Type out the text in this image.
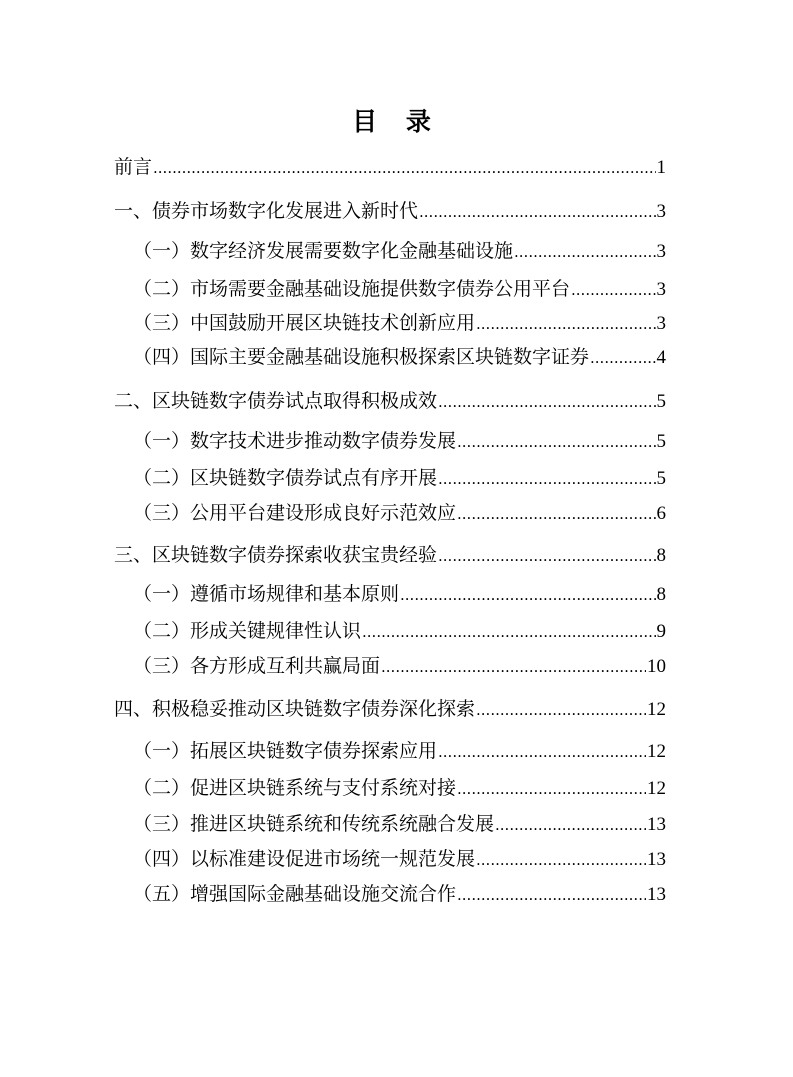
目 录
前言 .....	1
一、债券市场数字化发展进入新时代 .....	3
（一）数字经济发展需要数字化金融基础设施 .....	3
（二）市场需要金融基础设施提供数字债券公用平台 .....	3
（三）中国鼓励开展区块链技术创新应用 .....	3
（四）国际主要金融基础设施积极探索区块链数字证券 .....	4
二、区块链数字债券试点取得积极成效 .....	5
（一）数字技术进步推动数字债券发展 .....	5
（二）区块链数字债券试点有序开展 .....	5
（三）公用平台建设形成良好示范效应 .....	6
三、区块链数字债券探索收获宝贵经验 .....	8
（一）遵循市场规律和基本原则 .....	8
（二）形成关键规律性认识 .....	9
（三）各方形成互利共赢局面 .....	10
四、积极稳妥推动区块链数字债券深化探索 .....	12
（一）拓展区块链数字债券探索应用 .....	12
（二）促进区块链系统与支付系统对接 .....	12
（三）推进区块链系统和传统系统融合发展 .....	13
（四）以标准建设促进市场统一规范发展 .....	13
（五）增强国际金融基础设施交流合作 .....	13
